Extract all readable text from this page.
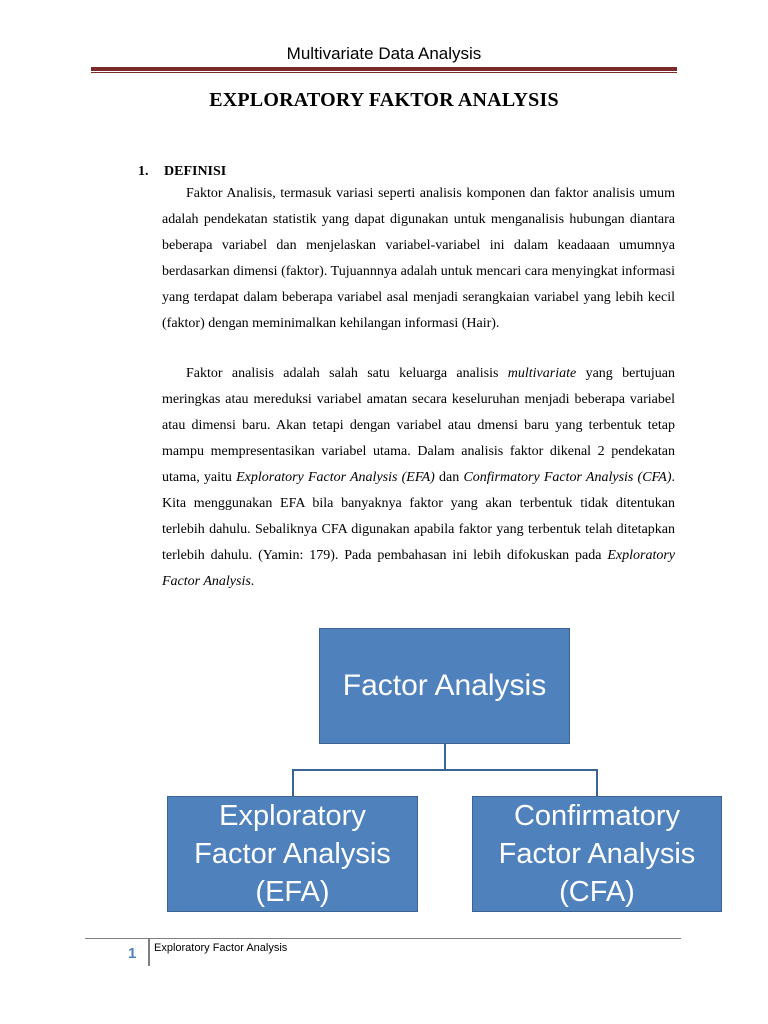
Multivariate Data Analysis
EXPLORATORY FAKTOR ANALYSIS
1. DEFINISI

Faktor Analisis, termasuk variasi seperti analisis komponen dan faktor analisis umum adalah pendekatan statistik yang dapat digunakan untuk menganalisis hubungan diantara beberapa variabel dan menjelaskan variabel-variabel ini dalam keadaaan umumnya berdasarkan dimensi (faktor). Tujuannnya adalah untuk mencari cara menyingkat informasi yang terdapat dalam beberapa variabel asal menjadi serangkaian variabel yang lebih kecil (faktor) dengan meminimalkan kehilangan informasi (Hair).

Faktor analisis adalah salah satu keluarga analisis multivariate yang bertujuan meringkas atau mereduksi variabel amatan secara keseluruhan menjadi beberapa variabel atau dimensi baru. Akan tetapi dengan variabel atau dmensi baru yang terbentuk tetap mampu mempresentasikan variabel utama. Dalam analisis faktor dikenal 2 pendekatan utama, yaitu Exploratory Factor Analysis (EFA) dan Confirmatory Factor Analysis (CFA). Kita menggunakan EFA bila banyaknya faktor yang akan terbentuk tidak ditentukan terlebih dahulu. Sebaliknya CFA digunakan apabila faktor yang terbentuk telah ditetapkan terlebih dahulu. (Yamin: 179). Pada pembahasan ini lebih difokuskan pada Exploratory Factor Analysis.

Factor Analysis
Exploratory
Factor Analysis
(EFA)
Confirmatory
Factor Analysis
(CFA)
1 Exploratory Factor Analysis
